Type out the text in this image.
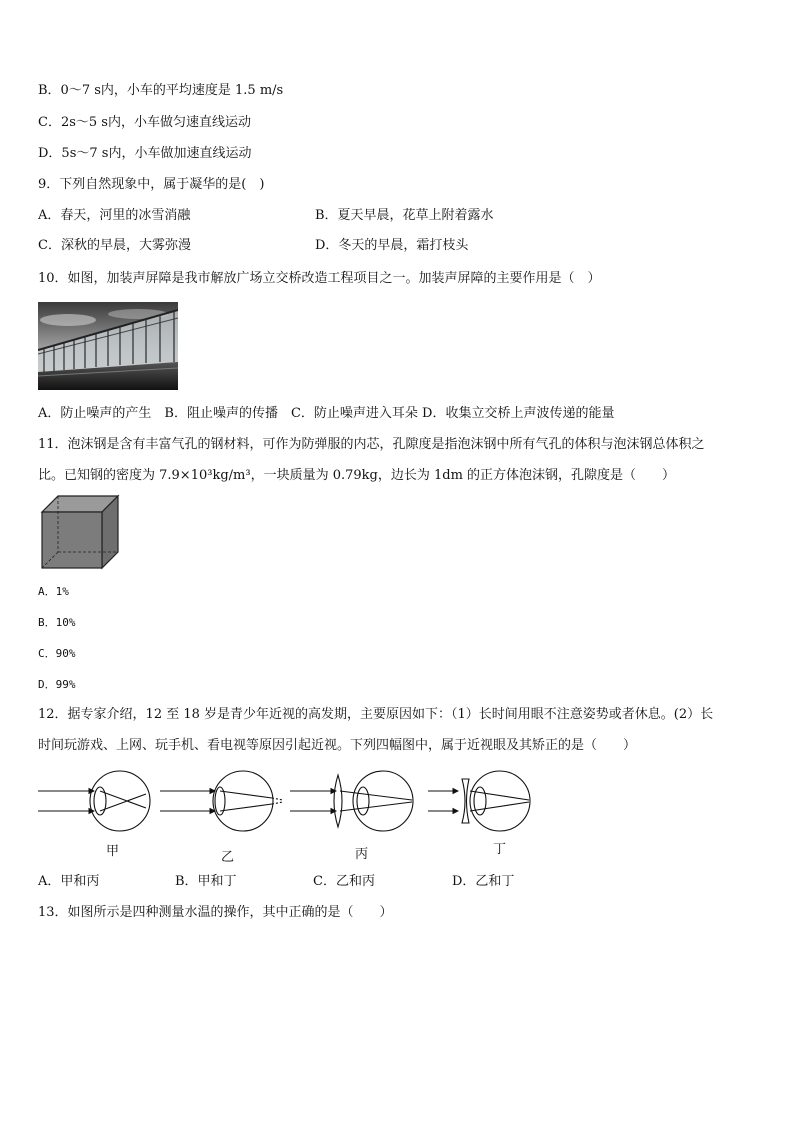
B．0～7 s内，小车的平均速度是 1.5 m/s
C．2s～5 s内，小车做匀速直线运动
D．5s～7 s内，小车做加速直线运动
9．下列自然现象中，属于凝华的是(　)
A．春天，河里的冰雪消融	B．夏天早晨，花草上附着露水
C．深秋的早晨，大雾弥漫	D．冬天的早晨，霜打枝头
10．如图，加装声屏障是我市解放广场立交桥改造工程项目之一。加装声屏障的主要作用是（　）
A．防止噪声的产生　B．阻止噪声的传播　C．防止噪声进入耳朵 D．收集立交桥上声波传递的能量
11．泡沫钢是含有丰富气孔的钢材料，可作为防弹服的内芯，孔隙度是指泡沫钢中所有气孔的体积与泡沫钢总体积之
比。已知钢的密度为 7.9×10³kg/m³，一块质量为 0.79kg，边长为 1dm 的正方体泡沫钢，孔隙度是（　　）
A．1%
B．10%
C．90%
D．99%
12．据专家介绍，12 至 18 岁是青少年近视的高发期，主要原因如下：（1）长时间用眼不注意姿势或者休息。(2）长
时间玩游戏、上网、玩手机、看电视等原因引起近视。下列四幅图中，属于近视眼及其矫正的是（　　）
甲	乙	丙	丁
A．甲和丙	B．甲和丁	C．乙和丙	D．乙和丁
13．如图所示是四种测量水温的操作，其中正确的是（　　）
